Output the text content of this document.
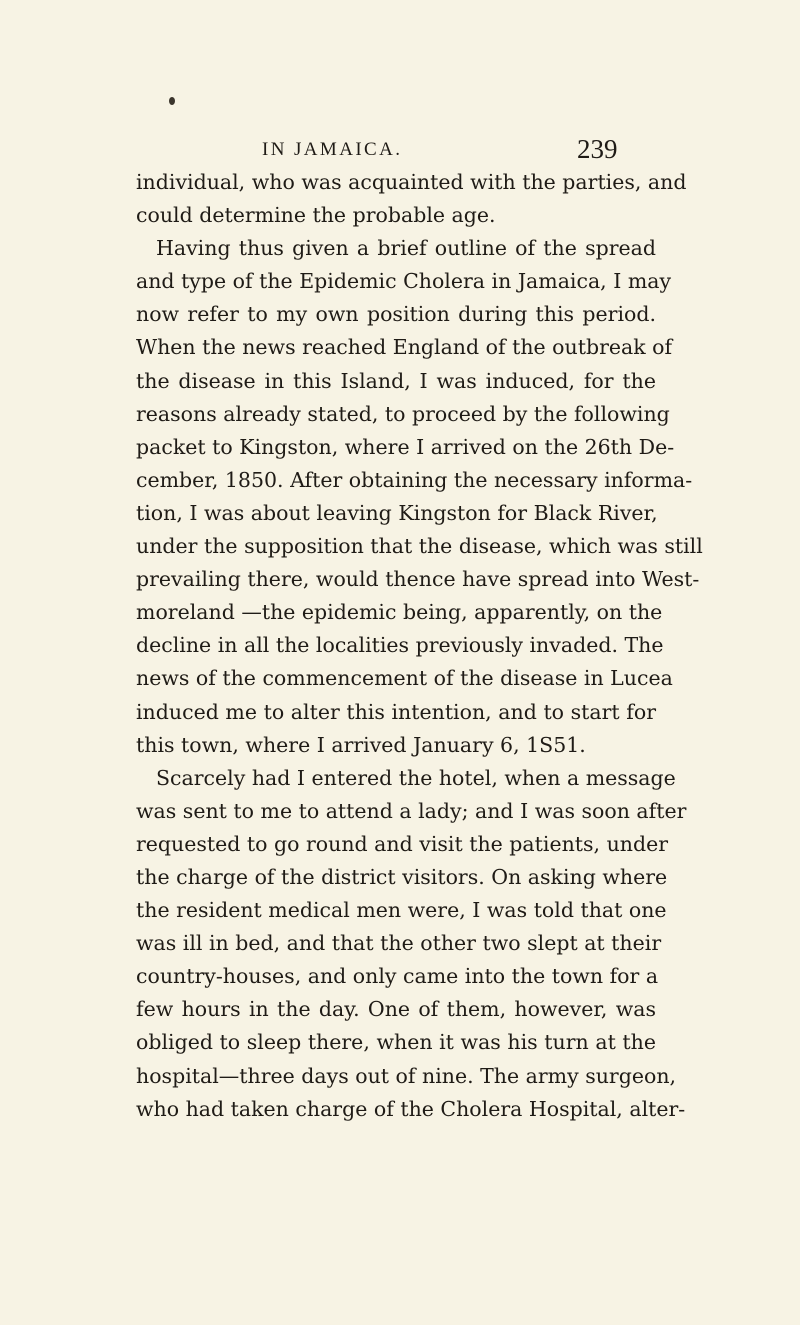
IN JAMAICA.	239
individual, who was acquainted with the parties, and
could determine the probable age.
Having thus given a brief outline of the spread
and type of the Epidemic Cholera in Jamaica, I may
now refer to my own position during this period.
When the news reached England of the outbreak of
the disease in this Island, I was induced, for the
reasons already stated, to proceed by the following
packet to Kingston, where I arrived on the 26th De-
cember, 1850. After obtaining the necessary informa-
tion, I was about leaving Kingston for Black River,
under the supposition that the disease, which was still
prevailing there, would thence have spread into West-
moreland —the epidemic being, apparently, on the
decline in all the localities previously invaded. The
news of the commencement of the disease in Lucea
induced me to alter this intention, and to start for
this town, where I arrived January 6, 1S51.
Scarcely had I entered the hotel, when a message
was sent to me to attend a lady; and I was soon after
requested to go round and visit the patients, under
the charge of the district visitors. On asking where
the resident medical men were, I was told that one
was ill in bed, and that the other two slept at their
country-houses, and only came into the town for a
few hours in the day. One of them, however, was
obliged to sleep there, when it was his turn at the
hospital—three days out of nine. The army surgeon,
who had taken charge of the Cholera Hospital, alter-
